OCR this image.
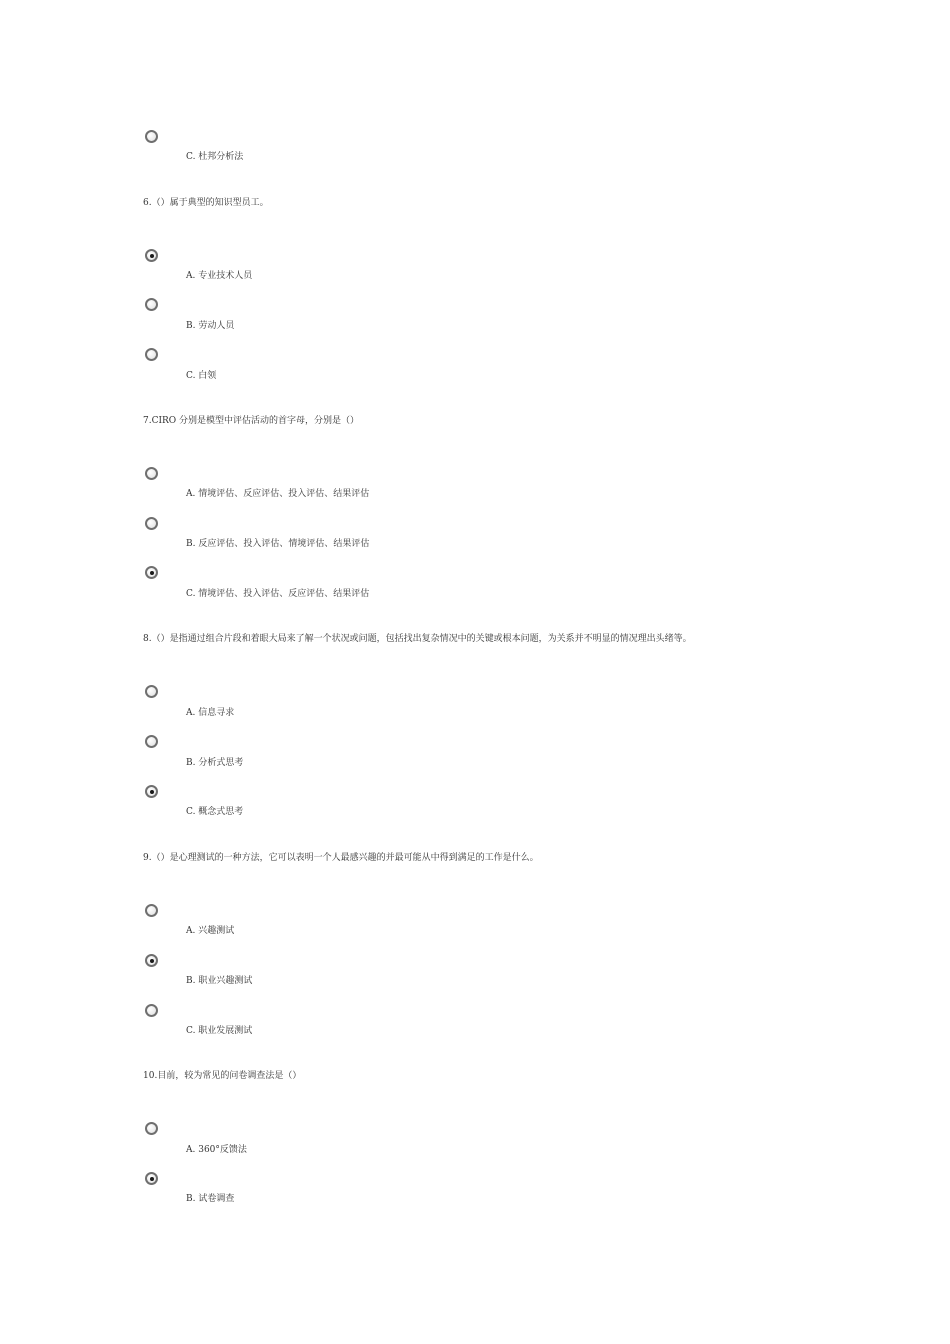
C. 杜邦分析法
6.（）属于典型的知识型员工。
A. 专业技术人员
B. 劳动人员
C. 白领
7.CIRO 分别是模型中评估活动的首字母，分别是（）
A. 情境评估、反应评估、投入评估、结果评估
B. 反应评估、投入评估、情境评估、结果评估
C. 情境评估、投入评估、反应评估、结果评估
8.（）是指通过组合片段和着眼大局来了解一个状况或问题，包括找出复杂情况中的关键或根本问题，为关系并不明显的情况理出头绪等。
A. 信息寻求
B. 分析式思考
C. 概念式思考
9.（）是心理测试的一种方法，它可以表明一个人最感兴趣的并最可能从中得到满足的工作是什么。
A. 兴趣测试
B. 职业兴趣测试
C. 职业发展测试
10.目前，较为常见的问卷调查法是（）
A. 360°反馈法
B. 试卷调查
